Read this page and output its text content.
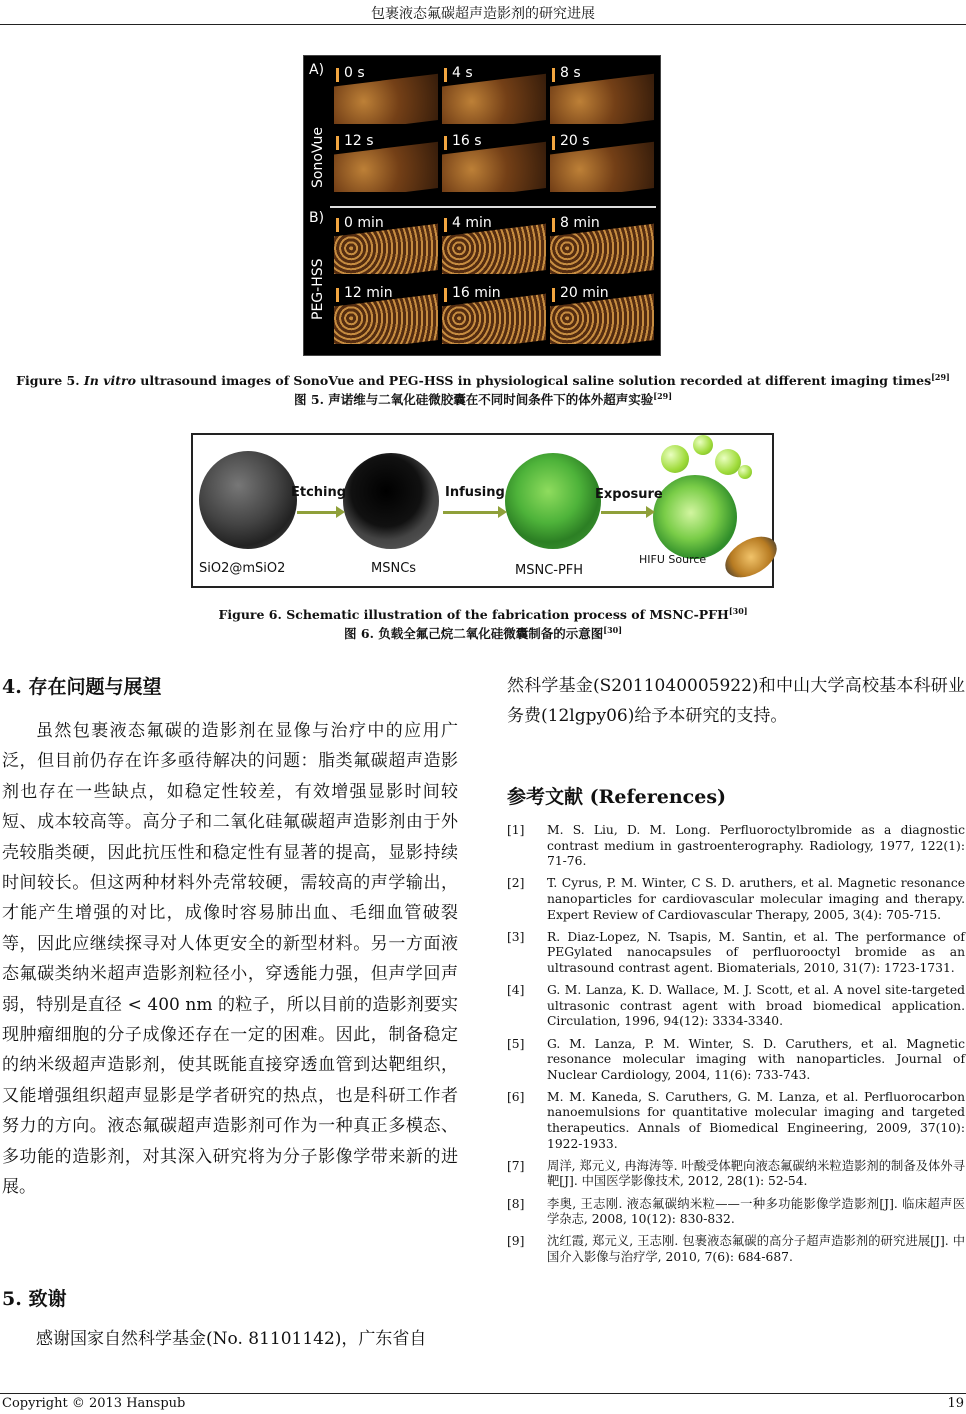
包裹液态氟碳超声造影剂的研究进展
A)
B)
SonoVue
PEG-HSS
0 s	4 s	8 s
12 s	16 s	20 s
0 min	4 min	8 min
12 min	16 min	20 min
Figure 5. In vitro ultrasound images of SonoVue and PEG-HSS in physiological saline solution recorded at different imaging times[29]
图 5. 声诺维与二氧化硅微胶囊在不同时间条件下的体外超声实验[29]
Etching	Infusing	Exposure
SiO2@mSiO2	MSNCs	MSNC-PFH
HIFU Source
Figure 6. Schematic illustration of the fabrication process of MSNC-PFH[30]
图 6. 负载全氟己烷二氧化硅微囊制备的示意图[30]
4. 存在问题与展望
虽然包裹液态氟碳的造影剂在显像与治疗中的应用广泛，但目前仍存在许多亟待解决的问题：脂类氟碳超声造影剂也存在一些缺点，如稳定性较差，有效增强显影时间较短、成本较高等。高分子和二氧化硅氟碳超声造影剂由于外壳较脂类硬，因此抗压性和稳定性有显著的提高，显影持续时间较长。但这两种材料外壳常较硬，需较高的声学输出，才能产生增强的对比，成像时容易肺出血、毛细血管破裂等，因此应继续探寻对人体更安全的新型材料。另一方面液态氟碳类纳米超声造影剂粒径小，穿透能力强，但声学回声弱，特别是直径 < 400 nm 的粒子，所以目前的造影剂要实现肿瘤细胞的分子成像还存在一定的困难。因此，制备稳定的纳米级超声造影剂，使其既能直接穿透血管到达靶组织，又能增强组织超声显影是学者研究的热点，也是科研工作者努力的方向。液态氟碳超声造影剂可作为一种真正多模态、多功能的造影剂，对其深入研究将为分子影像学带来新的进展。
5. 致谢
感谢国家自然科学基金(No. 81101142)，广东省自
然科学基金(S2011040005922)和中山大学高校基本科研业务费(12lgpy06)给予本研究的支持。
参考文献 (References)
[1]	M. S. Liu, D. M. Long. Perfluoroctylbromide as a diagnostic contrast medium in gastroenterography. Radiology, 1977, 122(1): 71-76.
[2]	T. Cyrus, P. M. Winter, C S. D. aruthers, et al. Magnetic resonance nanoparticles for cardiovascular molecular imaging and therapy. Expert Review of Cardiovascular Therapy, 2005, 3(4): 705-715.
[3]	R. Diaz-Lopez, N. Tsapis, M. Santin, et al. The performance of PEGylated nanocapsules of perfluorooctyl bromide as an ultrasound contrast agent. Biomaterials, 2010, 31(7): 1723-1731.
[4]	G. M. Lanza, K. D. Wallace, M. J. Scott, et al. A novel site-targeted ultrasonic contrast agent with broad biomedical application. Circulation, 1996, 94(12): 3334-3340.
[5]	G. M. Lanza, P. M. Winter, S. D. Caruthers, et al. Magnetic resonance molecular imaging with nanoparticles. Journal of Nuclear Cardiology, 2004, 11(6): 733-743.
[6]	M. M. Kaneda, S. Caruthers, G. M. Lanza, et al. Perfluorocarbon nanoemulsions for quantitative molecular imaging and targeted therapeutics. Annals of Biomedical Engineering, 2009, 37(10): 1922-1933.
[7]	周洋, 郑元义, 冉海涛等. 叶酸受体靶向液态氟碳纳米粒造影剂的制备及体外寻靶[J]. 中国医学影像技术, 2012, 28(1): 52-54.
[8]	李奥, 王志刚. 液态氟碳纳米粒——一种多功能影像学造影剂[J]. 临床超声医学杂志, 2008, 10(12): 830-832.
[9]	沈红霞, 郑元义, 王志刚. 包裹液态氟碳的高分子超声造影剂的研究进展[J]. 中国介入影像与治疗学, 2010, 7(6): 684-687.
Copyright © 2013 Hanspub	19
